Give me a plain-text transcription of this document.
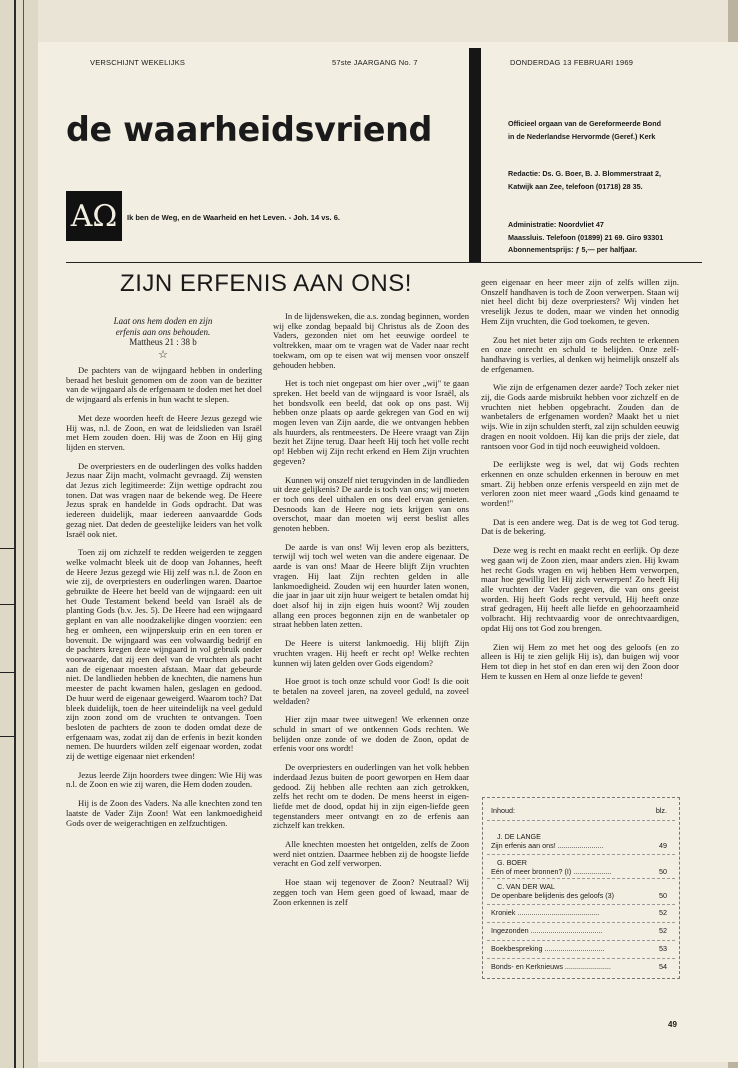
VERSCHIJNT WEKELIJKS	57ste JAARGANG No. 7	DONDERDAG 13 FEBRUARI 1969
de waarheidsvriend
AΩ Ik ben de Weg, en de Waarheid en het Leven. - Joh. 14 vs. 6.
Officieel orgaan van de Gereformeerde Bond
in de Nederlandse Hervormde (Geref.) Kerk
Redactie: Ds. G. Boer, B. J. Blommerstraat 2,
Katwijk aan Zee, telefoon (01718) 28 35.
Administratie: Noordvliet 47
Maassluis. Telefoon (01899) 21 69. Giro 93301
Abonnementsprijs: ƒ 5,— per halfjaar.
ZIJN ERFENIS AAN ONS!
Laat ons hem doden en zijn
erfenis aan ons behouden.
Mattheus 21 : 38 b
☆

De pachters van de wijngaard hebben in onderling beraad het besluit genomen om de zoon van de bezitter van de wijngaard als de erfgenaam te doden met het doel de wijngaard als erfenis in hun wacht te slepen.

Met deze woorden heeft de Heere Jezus gezegd wie Hij was, n.l. de Zoon, en wat de leidslieden van Israël met Hem zouden doen. Hij was de Zoon en Hij ging lijden en sterven.

De overpriesters en de ouderlingen des volks hadden Jezus naar Zijn macht, volmacht gevraagd. Zij wensten dat Jezus zich legitimeerde: Zijn wettige opdracht zou tonen. Dat was vragen naar de bekende weg. De Heere Jezus sprak en handelde in Gods opdracht. Dat was iedereen duidelijk, maar iedereen aanvaardde Gods gezag niet. Dat deden de geestelijke leiders van het volk Israël ook niet.

Toen zij om zichzelf te redden weigerden te zeggen welke volmacht bleek uit de doop van Johannes, heeft de Heere Jezus gezegd wie Hij zelf was n.l. de Zoon en wie zij, de overpriesters en ouderlingen waren. Daartoe gebruikte de Heere het beeld van de wijngaard: een uit het Oude Testament bekend beeld van Israël als de planting Gods (b.v. Jes. 5). De Heere had een wijngaard geplant en van alle noodzakelijke dingen voorzien: een heg er omheen, een wijnperskuip erin en een toren er bovenuit. De wijngaard was een volwaardig bedrijf en de pachters kregen deze wijngaard in vol gebruik onder voorwaarde, dat zij een deel van de vruchten als pacht aan de eigenaar moesten afstaan. Maar dat gebeurde niet. De landlieden hebben de knechten, die namens hun meester de pacht kwamen halen, geslagen en gedood. De huur werd de eigenaar geweigerd. Waarom toch? Dat bleek duidelijk, toen de heer uiteindelijk na veel geduld zijn zoon zond om de vruchten te ontvangen. Toen besloten de pachters de zoon te doden omdat deze de erfgenaam was, zodat zij dan de erfenis in bezit konden nemen. De huurders wilden zelf eigenaar worden, zodat zij de wettige eigenaar niet erkenden!

Jezus leerde Zijn hoorders twee dingen: Wie Hij was n.l. de Zoon en wie zij waren, die Hem doden zouden.

Hij is de Zoon des Vaders. Na alle knechten zond ten laatste de Vader Zijn Zoon! Wat een lankmoedigheid Gods over de weigerachtigen en zelfzuchtigen.

In de lijdensweken, die a.s. zondag beginnen, worden wij elke zondag bepaald bij Christus als de Zoon des Vaders, gezonden niet om het eeuwige oordeel te voltrekken, maar om te vragen wat de Vader naar recht toekwam, om op te eisen wat wij mensen voor onszelf gehouden hebben.

Het is toch niet ongepast om hier over „wij" te gaan spreken. Het beeld van de wijngaard is voor Israël, als het bondsvolk een beeld, dat ook op ons past. Wij hebben onze plaats op aarde gekregen van God en wij mogen leven van Zijn aarde, die we ontvangen hebben als huurders, als rentmeesters. De Heere vraagt van Zijn bezit het Zijne terug. Daar heeft Hij toch het volle recht op! Hebben wij Zijn recht erkend en Hem Zijn vruchten gegeven?

Kunnen wij onszelf niet terugvinden in de landlieden uit deze gelijkenis? De aarde is toch van ons; wij moeten er toch ons deel uithalen en ons deel ervan genieten. Desnoods kan de Heere nog iets krijgen van ons overschot, maar dan moeten wij eerst beslist alles genoten hebben.

De aarde is van ons! Wij leven erop als bezitters, terwijl wij toch wel weten van die andere eigenaar. De aarde is van ons! Maar de Heere blijft Zijn vruchten vragen. Hij laat Zijn rechten gelden in alle lankmoedigheid. Zouden wij een huurder laten wonen, die jaar in jaar uit zijn huur weigert te betalen omdat hij doet alsof hij in zijn eigen huis woont? Wij zouden allang een proces begonnen zijn en de wanbetaler op straat hebben laten zetten.

De Heere is uiterst lankmoedig. Hij blijft Zijn vruchten vragen. Hij heeft er recht op! Welke rechten kunnen wij laten gelden over Gods eigendom?

Hoe groot is toch onze schuld voor God! Is die ooit te betalen na zoveel jaren, na zoveel geduld, na zoveel weldaden?

Hier zijn maar twee uitwegen! We erkennen onze schuld in smart of we ontkennen Gods rechten. We belijden onze zonde of we doden de Zoon, opdat de erfenis voor ons wordt!

De overpriesters en ouderlingen van het volk hebben inderdaad Jezus buiten de poort geworpen en Hem daar gedood. Zij hebben alle rechten aan zich getrokken, zelfs het recht om te doden. De mens heerst in eigen-liefde met de dood, opdat hij in zijn eigen-liefde geen tegenstanders meer ontvangt en zo de erfenis aan zichzelf kan trekken.

Alle knechten moesten het ontgelden, zelfs de Zoon werd niet ontzien. Daarmee hebben zij de hoogste liefde veracht en God zelf verworpen.

Hoe staan wij tegenover de Zoon? Neutraal? Wij zeggen toch van Hem geen goed of kwaad, maar de Zoon erkennen is zelf

geen eigenaar en heer meer zijn of zelfs willen zijn. Onszelf handhaven is toch de Zoon verwerpen. Staan wij niet heel dicht bij deze overpriesters? Wij vinden het vreselijk Jezus te doden, maar we vinden het onnodig Hem Zijn vruchten, die God toekomen, te geven.

Zou het niet beter zijn om Gods rechten te erkennen en onze onrecht en schuld te belijden. Onze zelf-handhaving is verlies, al denken wij heimelijk onszelf als de erfgenamen.

Wie zijn de erfgenamen dezer aarde? Toch zeker niet zij, die Gods aarde misbruikt hebben voor zichzelf en de vruchten niet hebben opgebracht. Zouden dan de wanbetalers de erfgenamen worden? Maakt het u niet wijs. Wie in zijn schulden sterft, zal zijn schulden eeuwig dragen en nooit voldoen. Hij kan die prijs der ziele, dat rantsoen voor God in tijd noch eeuwigheid voldoen.

De eerlijkste weg is wel, dat wij Gods rechten erkennen en onze schulden erkennen in berouw en met smart. Zij hebben onze erfenis verspeeld en zijn met de verloren zoon niet meer waard „Gods kind genaamd te worden!"

Dat is een andere weg. Dat is de weg tot God terug. Dat is de bekering.

Deze weg is recht en maakt recht en eerlijk. Op deze weg gaan wij de Zoon zien, maar anders zien. Hij kwam het recht Gods vragen en wij hebben Hem verworpen, maar hoe gewillig liet Hij zich verwerpen! Zo heeft Hij alle vruchten der Vader gegeven, die van ons geeist worden. Hij heeft Gods recht vervuld, Hij heeft onze straf gedragen, Hij heeft alle liefde en gehoorzaamheid volbracht. Hij rechtvaardig voor de onrechtvaardigen, opdat Hij ons tot God zou brengen.

Zien wij Hem zo met het oog des geloofs (en zo alleen is Hij te zien gelijk Hij is), dan buigen wij voor Hem tot diep in het stof en dan eren wij den Zoon door Hem te kussen en Hem al onze liefde te geven!

Inhoud:	blz.
J. DE LANGE
Zijn erfenis aan ons! .......................	49
G. BOER
Eén of meer bronnen? (I) ...................	50
C. VAN DER WAL
De openbare belijdenis des geloofs (3)	50
Kroniek .........................................	52
Ingezonden ....................................	52
Boekbespreking ..............................	53
Bonds- en Kerknieuws .......................	54
49
